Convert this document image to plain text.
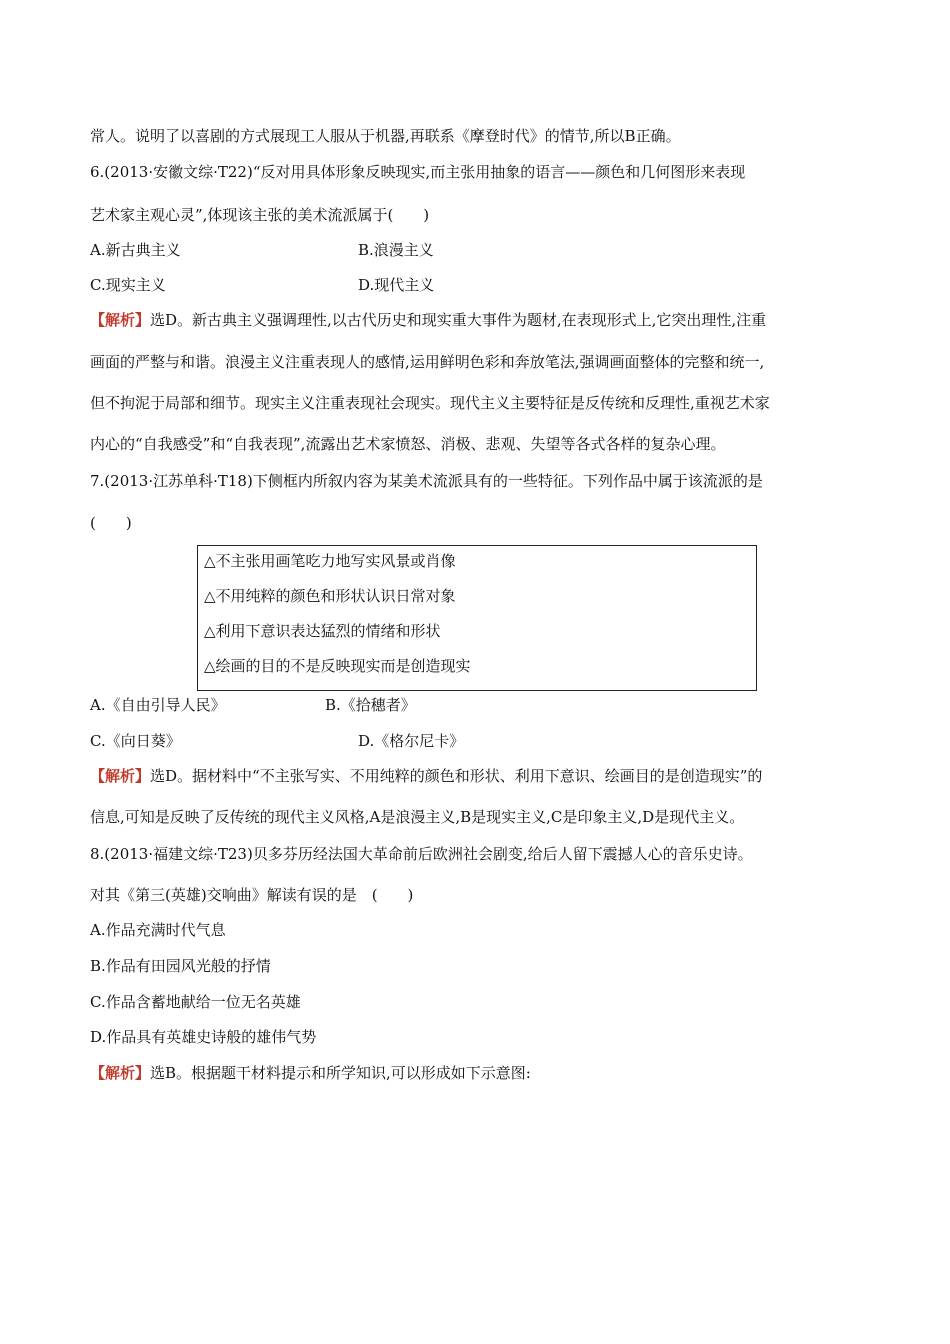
常人。说明了以喜剧的方式展现工人服从于机器,再联系《摩登时代》的情节,所以B正确。
6.(2013·安徽文综·T22)“反对用具体形象反映现实,而主张用抽象的语言——颜色和几何图形来表现
艺术家主观心灵”,体现该主张的美术流派属于(　　)
A.新古典主义	B.浪漫主义
C.现实主义	D.现代主义
【解析】选D。新古典主义强调理性,以古代历史和现实重大事件为题材,在表现形式上,它突出理性,注重
画面的严整与和谐。浪漫主义注重表现人的感情,运用鲜明色彩和奔放笔法,强调画面整体的完整和统一,
但不拘泥于局部和细节。现实主义注重表现社会现实。现代主义主要特征是反传统和反理性,重视艺术家
内心的“自我感受”和“自我表现”,流露出艺术家愤怒、消极、悲观、失望等各式各样的复杂心理。
7.(2013·江苏单科·T18)下侧框内所叙内容为某美术流派具有的一些特征。下列作品中属于该流派的是
(　　)
△不主张用画笔吃力地写实风景或肖像
△不用纯粹的颜色和形状认识日常对象
△利用下意识表达猛烈的情绪和形状
△绘画的目的不是反映现实而是创造现实
A.《自由引导人民》	B.《拾穗者》
C.《向日葵》	D.《格尔尼卡》
【解析】选D。据材料中“不主张写实、不用纯粹的颜色和形状、利用下意识、绘画目的是创造现实”的
信息,可知是反映了反传统的现代主义风格,A是浪漫主义,B是现实主义,C是印象主义,D是现代主义。
8.(2013·福建文综·T23)贝多芬历经法国大革命前后欧洲社会剧变,给后人留下震撼人心的音乐史诗。
对其《第三(英雄)交响曲》解读有误的是　(　　)
A.作品充满时代气息
B.作品有田园风光般的抒情
C.作品含蓄地献给一位无名英雄
D.作品具有英雄史诗般的雄伟气势
【解析】选B。根据题干材料提示和所学知识,可以形成如下示意图:
